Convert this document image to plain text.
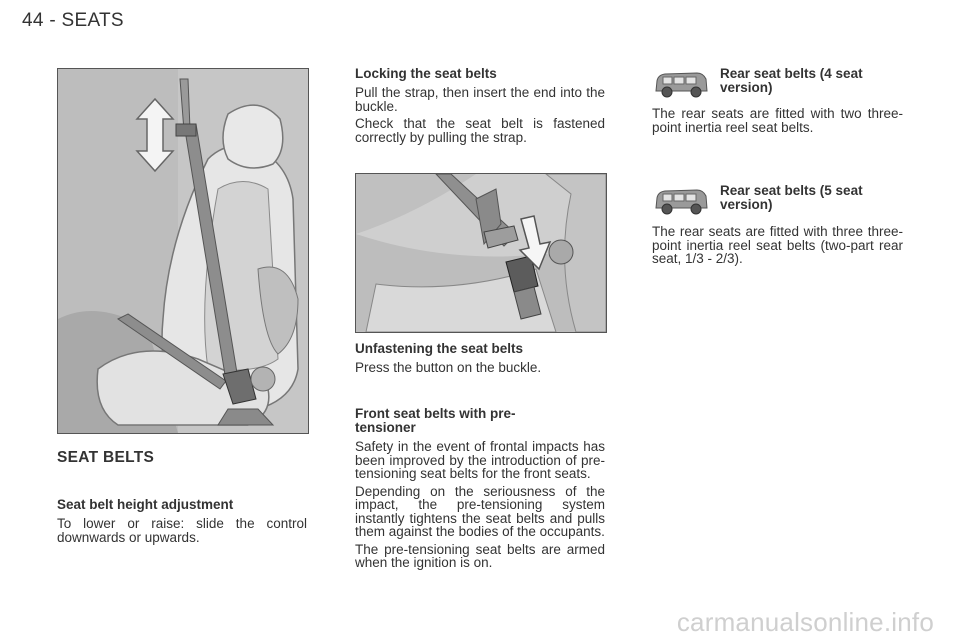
44 - SEATS
SEAT BELTS
Seat belt height adjustment
To lower or raise: slide the control downwards or upwards.
Locking the seat belts
Pull the strap, then insert the end into the buckle.
Check that the seat belt is fastened correctly by pulling the strap.
Unfastening the seat belts
Press the button on the buckle.
Front seat belts with pre-tensioner
Safety in the event of frontal impacts has been improved by the introduction of pre-tensioning seat belts for the front seats.
Depending on the seriousness of the impact, the pre-tensioning system instantly tightens the seat belts and pulls them against the bodies of the occupants.
The pre-tensioning seat belts are armed when the ignition is on.
Rear seat belts (4 seat version)
The rear seats are fitted with two three-point inertia reel seat belts.
Rear seat belts (5 seat version)
The rear seats are fitted with three three-point inertia reel seat belts (two-part rear seat, 1/3 - 2/3).
carmanualsonline.info
